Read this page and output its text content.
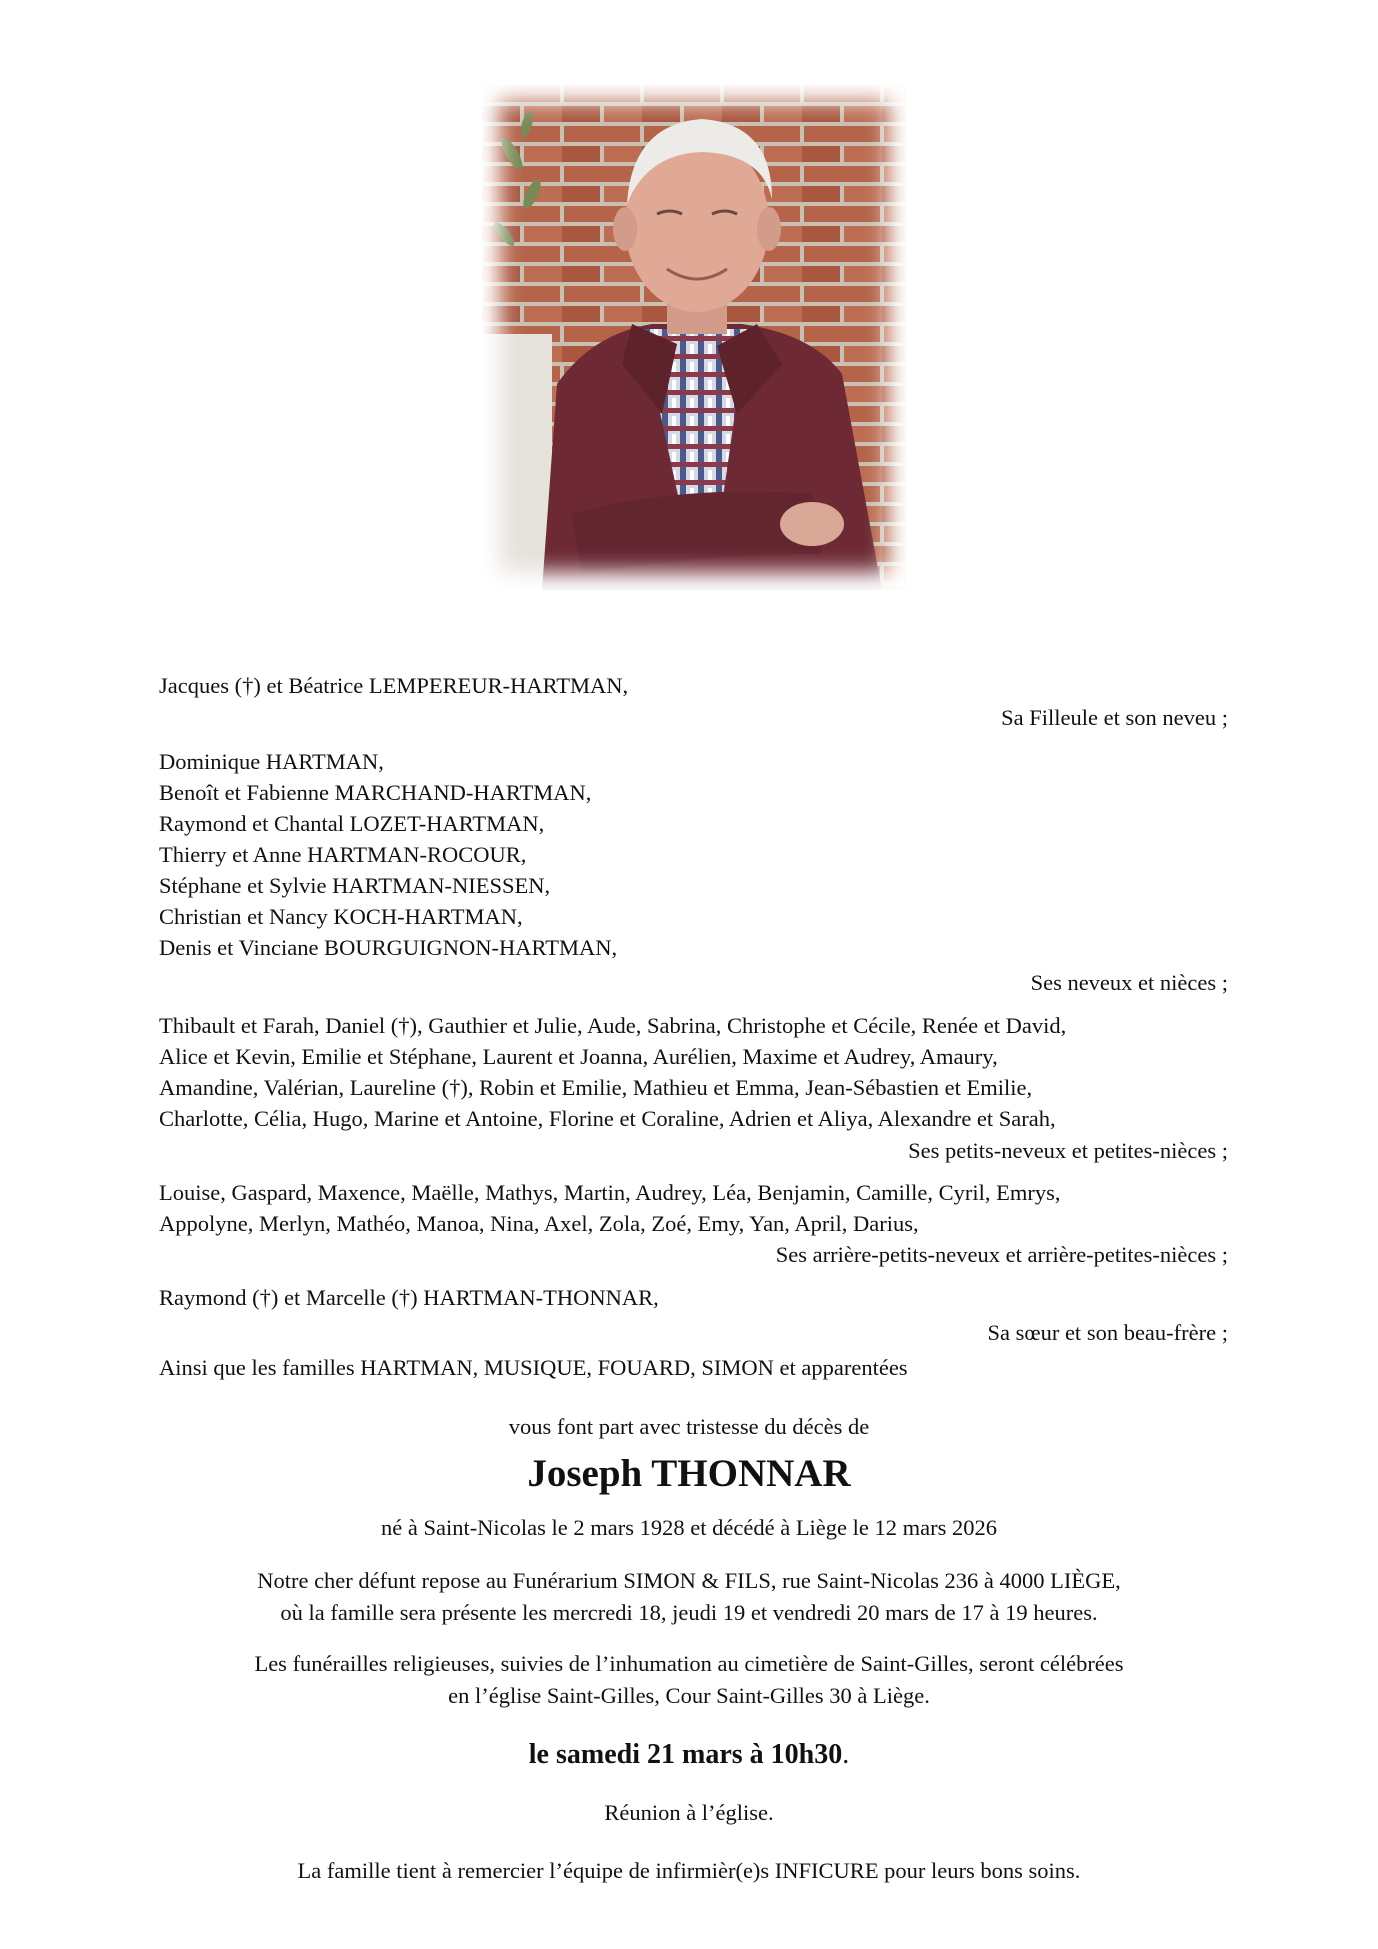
Jacques (†) et Béatrice LEMPEREUR-HARTMAN,
Sa Filleule et son neveu ;
Dominique HARTMAN,
Benoît et Fabienne MARCHAND-HARTMAN,
Raymond et Chantal LOZET-HARTMAN,
Thierry et Anne HARTMAN-ROCOUR,
Stéphane et Sylvie HARTMAN-NIESSEN,
Christian et Nancy KOCH-HARTMAN,
Denis et Vinciane BOURGUIGNON-HARTMAN,
Ses neveux et nièces ;
Thibault et Farah, Daniel (†), Gauthier et Julie, Aude, Sabrina, Christophe et Cécile, Renée et David,
Alice et Kevin, Emilie et Stéphane, Laurent et Joanna, Aurélien, Maxime et Audrey, Amaury,
Amandine, Valérian, Laureline (†), Robin et Emilie, Mathieu et Emma, Jean-Sébastien et Emilie,
Charlotte, Célia, Hugo, Marine et Antoine, Florine et Coraline, Adrien et Aliya, Alexandre et Sarah,
Ses petits-neveux et petites-nièces ;
Louise, Gaspard, Maxence, Maëlle, Mathys, Martin, Audrey, Léa, Benjamin, Camille, Cyril, Emrys,
Appolyne, Merlyn, Mathéo, Manoa, Nina, Axel, Zola, Zoé, Emy, Yan, April, Darius,
Ses arrière-petits-neveux et arrière-petites-nièces ;
Raymond (†) et Marcelle (†) HARTMAN-THONNAR,
Sa sœur et son beau-frère ;
Ainsi que les familles HARTMAN, MUSIQUE, FOUARD, SIMON et apparentées
vous font part avec tristesse du décès de
Joseph THONNAR
né à Saint-Nicolas le 2 mars 1928 et décédé à Liège le 12 mars 2026
Notre cher défunt repose au Funérarium SIMON & FILS, rue Saint-Nicolas 236 à 4000 LIÈGE,
où la famille sera présente les mercredi 18, jeudi 19 et vendredi 20 mars de 17 à 19 heures.
Les funérailles religieuses, suivies de l’inhumation au cimetière de Saint-Gilles, seront célébrées
en l’église Saint-Gilles, Cour Saint-Gilles 30 à Liège.
le samedi 21 mars à 10h30.
Réunion à l’église.
La famille tient à remercier l’équipe de infirmièr(e)s INFICURE pour leurs bons soins.
